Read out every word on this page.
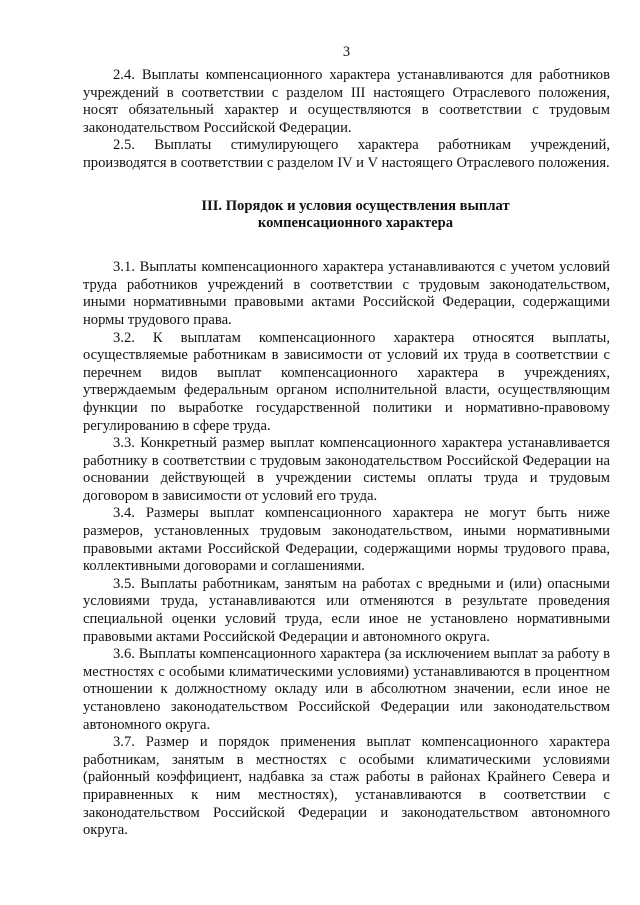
3

2.4. Выплаты компенсационного характера устанавливаются для работников учреждений в соответствии с разделом III настоящего Отраслевого положения, носят обязательный характер и осуществляются в соответствии с трудовым законодательством Российской Федерации.

2.5. Выплаты стимулирующего характера работникам учреждений, производятся в соответствии с разделом IV и V настоящего Отраслевого положения.

III. Порядок и условия осуществления выплат
компенсационного характера

3.1. Выплаты компенсационного характера устанавливаются с учетом условий труда работников учреждений в соответствии с трудовым законодательством, иными нормативными правовыми актами Российской Федерации, содержащими нормы трудового права.

3.2. К выплатам компенсационного характера относятся выплаты, осуществляемые работникам в зависимости от условий их труда в соответствии с перечнем видов выплат компенсационного характера в учреждениях, утверждаемым федеральным органом исполнительной власти, осуществляющим функции по выработке государственной политики и нормативно-правовому регулированию в сфере труда.

3.3. Конкретный размер выплат компенсационного характера устанавливается работнику в соответствии с трудовым законодательством Российской Федерации на основании действующей в учреждении системы оплаты труда и трудовым договором в зависимости от условий его труда.

3.4. Размеры выплат компенсационного характера не могут быть ниже размеров, установленных трудовым законодательством, иными нормативными правовыми актами Российской Федерации, содержащими нормы трудового права, коллективными договорами и соглашениями.

3.5. Выплаты работникам, занятым на работах с вредными и (или) опасными условиями труда, устанавливаются или отменяются в результате проведения специальной оценки условий труда, если иное не установлено нормативными правовыми актами Российской Федерации и автономного округа.

3.6. Выплаты компенсационного характера (за исключением выплат за работу в местностях с особыми климатическими условиями) устанавливаются в процентном отношении к должностному окладу или в абсолютном значении, если иное не установлено законодательством Российской Федерации или законодательством автономного округа.

3.7. Размер и порядок применения выплат компенсационного характера работникам, занятым в местностях с особыми климатическими условиями (районный коэффициент, надбавка за стаж работы в районах Крайнего Севера и приравненных к ним местностях), устанавливаются в соответствии с законодательством Российской Федерации и законодательством автономного округа.
